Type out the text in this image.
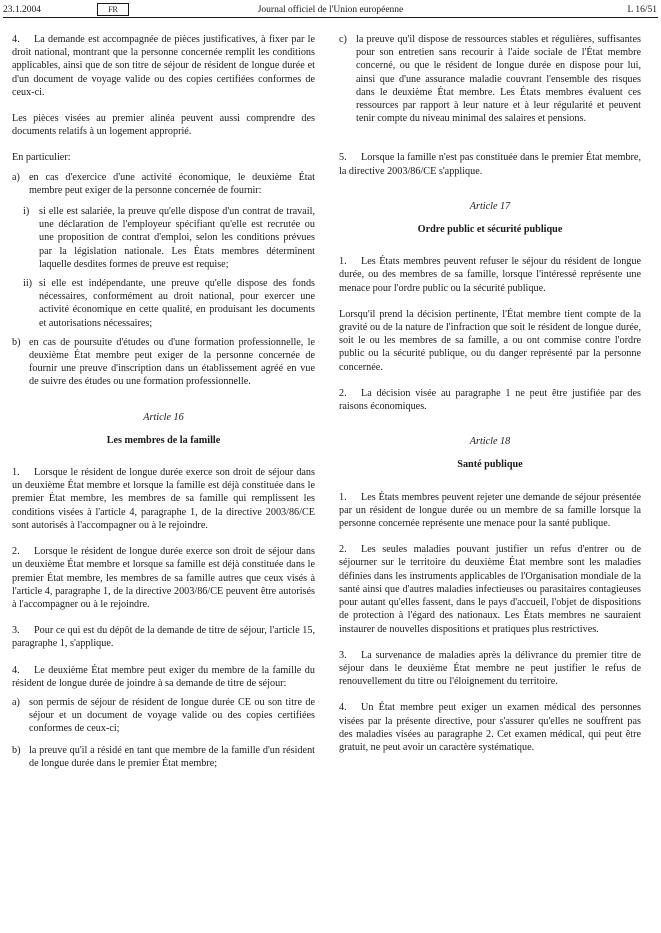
23.1.2004	FR	Journal officiel de l'Union européenne	L 16/51

4. La demande est accompagnée de pièces justificatives, à fixer par le droit national, montrant que la personne concernée remplit les conditions applicables, ainsi que de son titre de séjour de résident de longue durée et d'un document de voyage valide ou des copies certifiées conformes de ceux-ci.

Les pièces visées au premier alinéa peuvent aussi comprendre des documents relatifs à un logement approprié.

En particulier:

a) en cas d'exercice d'une activité économique, le deuxième État membre peut exiger de la personne concernée de fournir:
i) si elle est salariée, la preuve qu'elle dispose d'un contrat de travail, une déclaration de l'employeur spécifiant qu'elle est recrutée ou une proposition de contrat d'emploi, selon les conditions prévues par la législation nationale. Les États membres déterminent laquelle desdites formes de preuve est requise;
ii) si elle est indépendante, une preuve qu'elle dispose des fonds nécessaires, conformément au droit national, pour exercer une activité économique en cette qualité, en produisant les documents et autorisations nécessaires;
b) en cas de poursuite d'études ou d'une formation professionnelle, le deuxième État membre peut exiger de la personne concernée de fournir une preuve d'inscription dans un établissement agréé en vue de suivre des études ou une formation professionnelle.
Article 16
Les membres de la famille

1. Lorsque le résident de longue durée exerce son droit de séjour dans un deuxième État membre et lorsque la famille est déjà constituée dans le premier État membre, les membres de sa famille qui remplissent les conditions visées à l'article 4, paragraphe 1, de la directive 2003/86/CE sont autorisés à l'accompagner ou à le rejoindre.

2. Lorsque le résident de longue durée exerce son droit de séjour dans un deuxième État membre et lorsque sa famille est déjà constituée dans le premier État membre, les membres de sa famille autres que ceux visés à l'article 4, paragraphe 1, de la directive 2003/86/CE peuvent être autorisés à l'accompagner ou à le rejoindre.

3. Pour ce qui est du dépôt de la demande de titre de séjour, l'article 15, paragraphe 1, s'applique.

4. Le deuxième État membre peut exiger du membre de la famille du résident de longue durée de joindre à sa demande de titre de séjour:

a) son permis de séjour de résident de longue durée CE ou son titre de séjour et un document de voyage valide ou des copies certifiées conformes de ceux-ci;
b) la preuve qu'il a résidé en tant que membre de la famille d'un résident de longue durée dans le premier État membre;
c) la preuve qu'il dispose de ressources stables et régulières, suffisantes pour son entretien sans recourir à l'aide sociale de l'État membre concerné, ou que le résident de longue durée en dispose pour lui, ainsi que d'une assurance maladie couvrant l'ensemble des risques dans le deuxième État membre. Les États membres évaluent ces ressources par rapport à leur nature et à leur régularité et peuvent tenir compte du niveau minimal des salaires et pensions.

5. Lorsque la famille n'est pas constituée dans le premier État membre, la directive 2003/86/CE s'applique.

Article 17
Ordre public et sécurité publique

1. Les États membres peuvent refuser le séjour du résident de longue durée, ou des membres de sa famille, lorsque l'intéressé représente une menace pour l'ordre public ou la sécurité publique.

Lorsqu'il prend la décision pertinente, l'État membre tient compte de la gravité ou de la nature de l'infraction que soit le résident de longue durée, soit le ou les membres de sa famille, a ou ont commise contre l'ordre public ou la sécurité publique, ou du danger représenté par la personne concernée.

2. La décision visée au paragraphe 1 ne peut être justifiée par des raisons économiques.

Article 18
Santé publique

1. Les États membres peuvent rejeter une demande de séjour présentée par un résident de longue durée ou un membre de sa famille lorsque la personne concernée représente une menace pour la santé publique.

2. Les seules maladies pouvant justifier un refus d'entrer ou de séjourner sur le territoire du deuxième État membre sont les maladies définies dans les instruments applicables de l'Organisation mondiale de la santé ainsi que d'autres maladies infectieuses ou parasitaires contagieuses pour autant qu'elles fassent, dans le pays d'accueil, l'objet de dispositions de protection à l'égard des nationaux. Les États membres ne sauraient instaurer de nouvelles dispositions et pratiques plus restrictives.

3. La survenance de maladies après la délivrance du premier titre de séjour dans le deuxième État membre ne peut justifier le refus de renouvellement du titre ou l'éloignement du territoire.

4. Un État membre peut exiger un examen médical des personnes visées par la présente directive, pour s'assurer qu'elles ne souffrent pas des maladies visées au paragraphe 2. Cet examen médical, qui peut être gratuit, ne peut avoir un caractère systématique.
